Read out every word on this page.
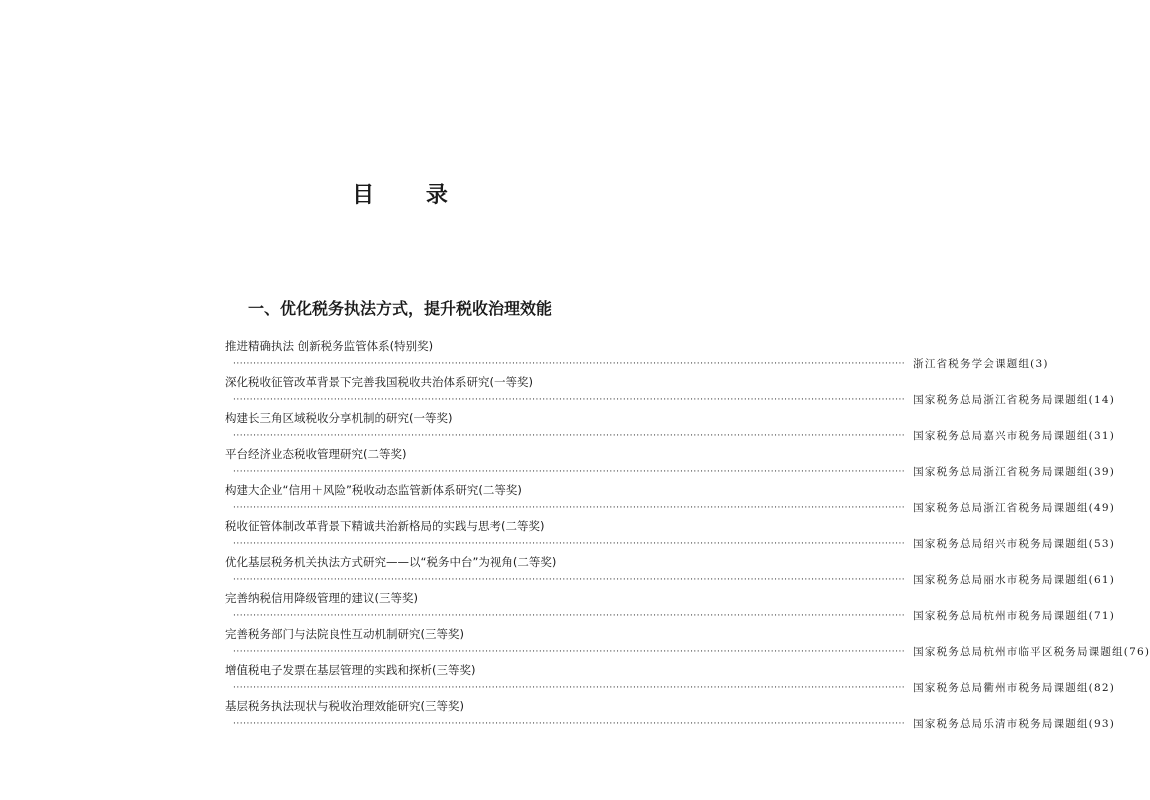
目 录
一、优化税务执法方式，提升税收治理效能
推进精确执法 创新税务监管体系(特别奖)
········································································································································································································ 浙江省税务学会课题组(3)
深化税收征管改革背景下完善我国税收共治体系研究(一等奖)
········································································································································································································ 国家税务总局浙江省税务局课题组(14)
构建长三角区域税收分享机制的研究(一等奖)
········································································································································································································ 国家税务总局嘉兴市税务局课题组(31)
平台经济业态税收管理研究(二等奖)
········································································································································································································ 国家税务总局浙江省税务局课题组(39)
构建大企业“信用＋风险”税收动态监管新体系研究(二等奖)
········································································································································································································ 国家税务总局浙江省税务局课题组(49)
税收征管体制改革背景下精诚共治新格局的实践与思考(二等奖)
········································································································································································································ 国家税务总局绍兴市税务局课题组(53)
优化基层税务机关执法方式研究——以“税务中台”为视角(二等奖)
········································································································································································································ 国家税务总局丽水市税务局课题组(61)
完善纳税信用降级管理的建议(三等奖)
········································································································································································································ 国家税务总局杭州市税务局课题组(71)
完善税务部门与法院良性互动机制研究(三等奖)
········································································································································································································ 国家税务总局杭州市临平区税务局课题组(76)
增值税电子发票在基层管理的实践和探析(三等奖)
········································································································································································································ 国家税务总局衢州市税务局课题组(82)
基层税务执法现状与税收治理效能研究(三等奖)
········································································································································································································ 国家税务总局乐清市税务局课题组(93)
